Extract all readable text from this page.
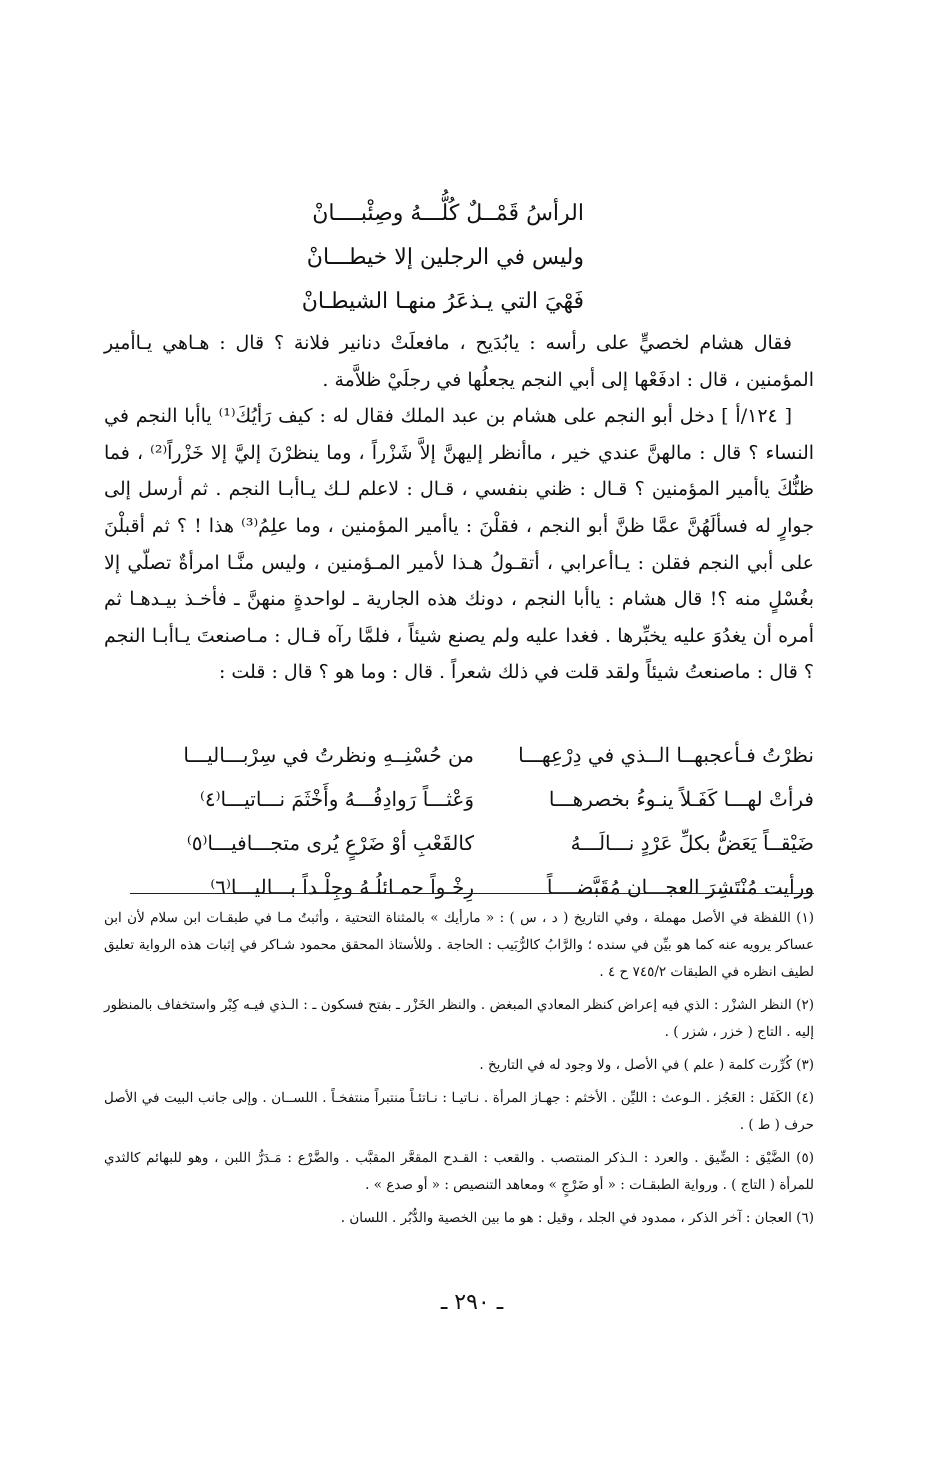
الرأسُ قَمْــلٌ كُلُّـــهُ وصِئْبــــانْ
وليس في الرجلين إلا خيطـــانْ
فَهْيَ التي يـذعَرُ منهـا الشيطـانْ

فقال هشام لخصيٍّ على رأسه : يابُدَيح ، مافعلَتْ دنانير فلانة ؟ قال : هـاهي يـاأمير المؤمنين ، قال : ادفَعْها إلى أبي النجم يجعلُها في رجلَيْ ظلاَّمة .

[ ١٢٤/أ ] دخل أبو النجم على هشام بن عبد الملك فقال له : كيف رَأيُكَ⁽¹⁾ ياأبا النجم في النساء ؟ قال : مالهنَّ عندي خير ، ماأنظر إليهنَّ إلاَّ شَزْراً ، وما ينظرْنَ إليَّ إلا خَزْراً⁽²⁾ ، فما ظنُّكَ ياأمير المؤمنين ؟ قـال : ظني بنفسي ، قـال : لاعلم لـك يـاأبـا النجم . ثم أرسل إلى جوارٍ له فسألَهُنَّ عمَّا ظنَّ أبو النجم ، فقلْنَ : ياأمير المؤمنين ، وما علِمُ⁽³⁾ هذا ! ؟ ثم أقبلْنَ على أبي النجم فقلن : يـاأعرابي ، أتقـولُ هـذا لأمير المـؤمنين ، وليس منَّـا امرأةٌ تصلّي إلا بغُسْلٍ منه ؟! قال هشام : ياأبا النجم ، دونك هذه الجارية ـ لواحدةٍ منهنَّ ـ فأخـذ بيـدهـا ثم أمره أن يغدُوَ عليه يخبِّرها . فغدا عليه ولم يصنع شيئاً ، فلمَّا رآه قـال : مـاصنعتَ يـاأبـا النجم ؟ قال : ماصنعتُ شيئاً ولقد قلت في ذلك شعراً . قال : وما هو ؟ قال : قلت :

نظرْتُ فـأعجبهــا الــذي في دِرْعِهـــا
من حُسْنِــهِ ونظرتُ في سِرْبـــاليـــا
فرأتْ لهـــا كَفَـلاً ينـوءُ بخصرهـــا
وَعْثـــاً رَوادِفُـــهُ وأَخْثَمَ نـــاتيـــا⁽٤⁾
ضَيْقــاً يَعَضُّ بكلِّ عَرْدٍ نـــالَـــهُ
كالقَعْبِ أوْ ضَرْعٍ يُرى متجـــافيـــا⁽٥⁾
ورأيت مُنْتَشِرَ العجـــان مُقَبَّضــــاً
رِخْـواً حمـائلُـهُ وجِلْـداً بـــاليـــا⁽٦⁾

(١) اللفظة في الأصل مهملة ، وفي التاريخ ( د ، س ) : « مارأيك » بالمثناة التحتية ، وأثبتُ مـا في طبقـات ابن سلام لأن ابن عساكر يرويه عنه كما هو بيِّن في سنده ؛ والرَّابُ كالرُّبَيب : الحاجة . وللأستاذ المحقق محمود شـاكر في إثبات هذه الرواية تعليق لطيف انظره في الطبقات ٧٤٥/٢ ح ٤ .

(٢) النظر الشزْر : الذي فيه إعراض كنظر المعادي المبغض . والنظر الخَزْر ـ بفتح فسكون ـ : الـذي فيـه كِبْر واستخفاف بالمنظور إليه . التاج ( خزر ، شزر ) .

(٣) كُرِّرت كلمة ( علم ) في الأصل ، ولا وجود له في التاريخ .

(٤) الكَفَل : العَجُز . الـوعث : الليِّن . الأخثم : جهـاز المرأة . نـاتيـا : نـاتئـاً منتبراً منتفخـاً . اللســان . وإلى جانب البيت في الأصل حرف ( ط ) .

(٥) الضَّيْق : الضِّيق . والعرد : الـذكر المنتصب . والقعب : القـدح المقعَّر المقبَّب . والضَّرْع : مَـدَرُّ اللبن ، وهو للبهائم كالثدي للمرأة ( التاج ) . ورواية الطبقـات : « أو ضَرْجٍ » ومعاهد التنصيص : « أو صدع » .

(٦) العجان : آخر الذكر ، ممدود في الجلد ، وقيل : هو ما بين الخصية والدُّبُر . اللسان .

ـ ٢٩٠ ـ
